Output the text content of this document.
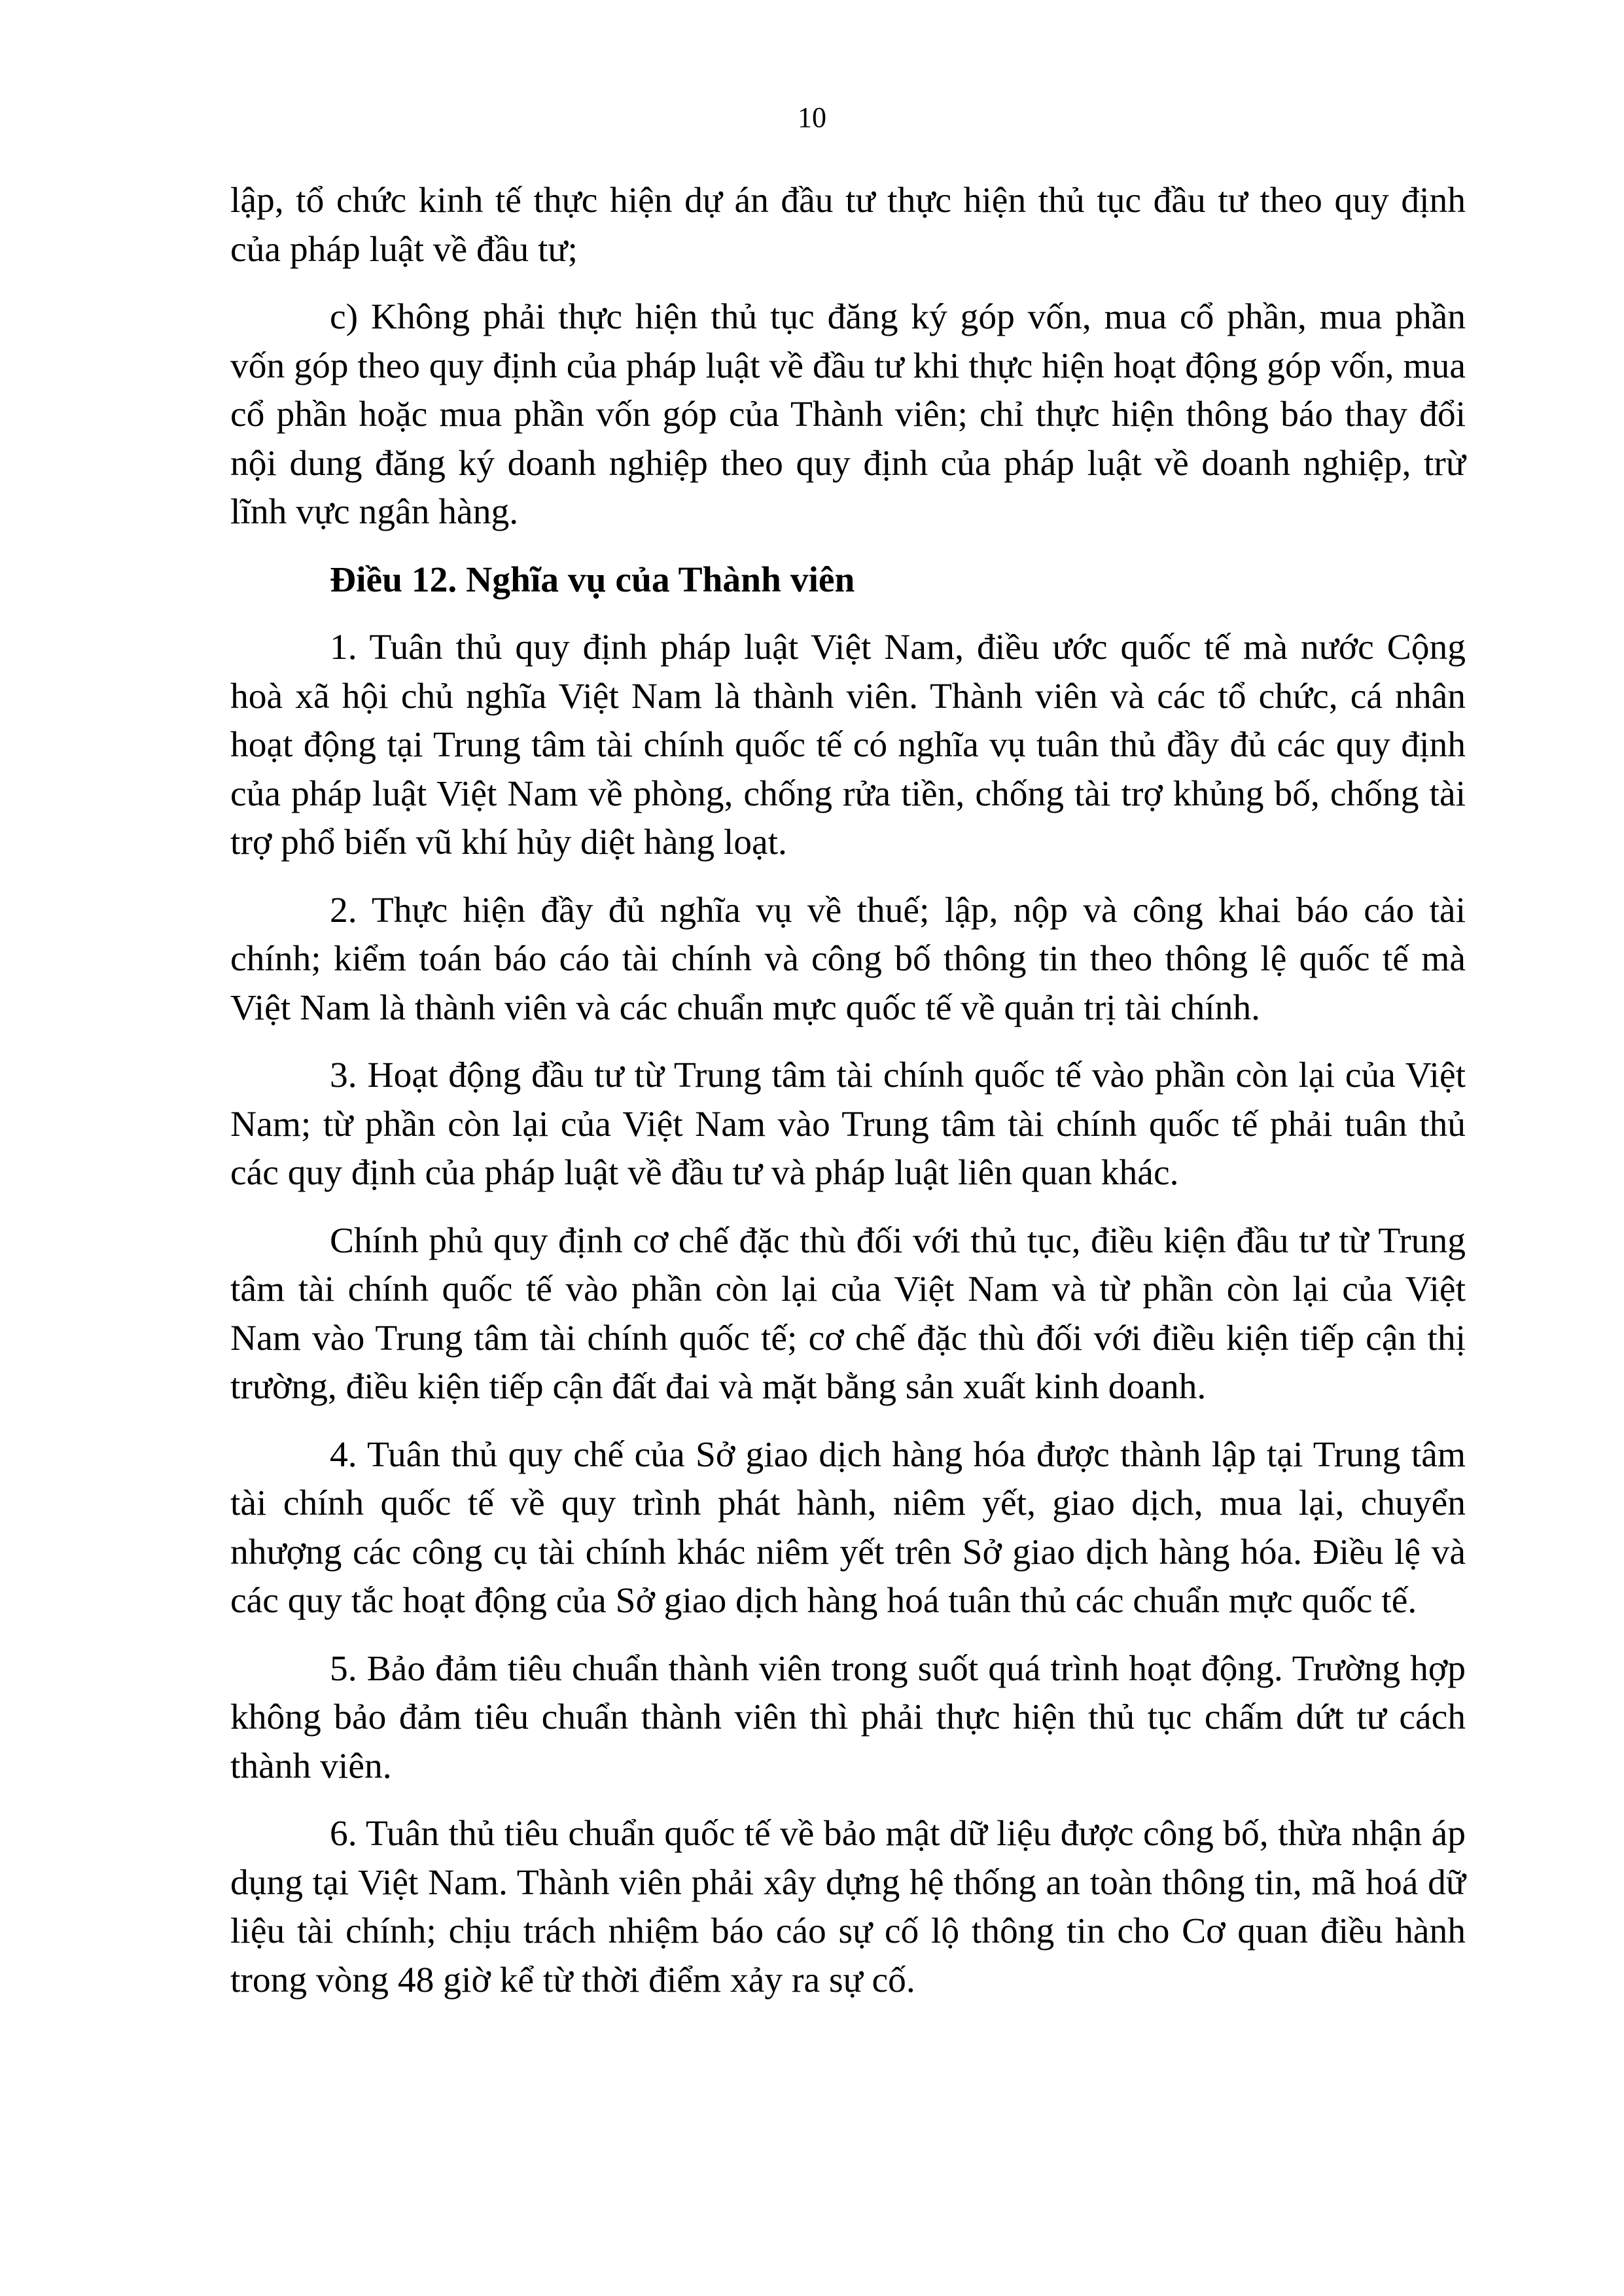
10

lập, tổ chức kinh tế thực hiện dự án đầu tư thực hiện thủ tục đầu tư theo quy định của pháp luật về đầu tư;

c) Không phải thực hiện thủ tục đăng ký góp vốn, mua cổ phần, mua phần vốn góp theo quy định của pháp luật về đầu tư khi thực hiện hoạt động góp vốn, mua cổ phần hoặc mua phần vốn góp của Thành viên; chỉ thực hiện thông báo thay đổi nội dung đăng ký doanh nghiệp theo quy định của pháp luật về doanh nghiệp, trừ lĩnh vực ngân hàng.

Điều 12. Nghĩa vụ của Thành viên

1. Tuân thủ quy định pháp luật Việt Nam, điều ước quốc tế mà nước Cộng hoà xã hội chủ nghĩa Việt Nam là thành viên. Thành viên và các tổ chức, cá nhân hoạt động tại Trung tâm tài chính quốc tế có nghĩa vụ tuân thủ đầy đủ các quy định của pháp luật Việt Nam về phòng, chống rửa tiền, chống tài trợ khủng bố, chống tài trợ phổ biến vũ khí hủy diệt hàng loạt.

2. Thực hiện đầy đủ nghĩa vụ về thuế; lập, nộp và công khai báo cáo tài chính; kiểm toán báo cáo tài chính và công bố thông tin theo thông lệ quốc tế mà Việt Nam là thành viên và các chuẩn mực quốc tế về quản trị tài chính.

3. Hoạt động đầu tư từ Trung tâm tài chính quốc tế vào phần còn lại của Việt Nam; từ phần còn lại của Việt Nam vào Trung tâm tài chính quốc tế phải tuân thủ các quy định của pháp luật về đầu tư và pháp luật liên quan khác.

Chính phủ quy định cơ chế đặc thù đối với thủ tục, điều kiện đầu tư từ Trung tâm tài chính quốc tế vào phần còn lại của Việt Nam và từ phần còn lại của Việt Nam vào Trung tâm tài chính quốc tế; cơ chế đặc thù đối với điều kiện tiếp cận thị trường, điều kiện tiếp cận đất đai và mặt bằng sản xuất kinh doanh.

4. Tuân thủ quy chế của Sở giao dịch hàng hóa được thành lập tại Trung tâm tài chính quốc tế về quy trình phát hành, niêm yết, giao dịch, mua lại, chuyển nhượng các công cụ tài chính khác niêm yết trên Sở giao dịch hàng hóa. Điều lệ và các quy tắc hoạt động của Sở giao dịch hàng hoá tuân thủ các chuẩn mực quốc tế.

5. Bảo đảm tiêu chuẩn thành viên trong suốt quá trình hoạt động. Trường hợp không bảo đảm tiêu chuẩn thành viên thì phải thực hiện thủ tục chấm dứt tư cách thành viên.

6. Tuân thủ tiêu chuẩn quốc tế về bảo mật dữ liệu được công bố, thừa nhận áp dụng tại Việt Nam. Thành viên phải xây dựng hệ thống an toàn thông tin, mã hoá dữ liệu tài chính; chịu trách nhiệm báo cáo sự cố lộ thông tin cho Cơ quan điều hành trong vòng 48 giờ kể từ thời điểm xảy ra sự cố.
